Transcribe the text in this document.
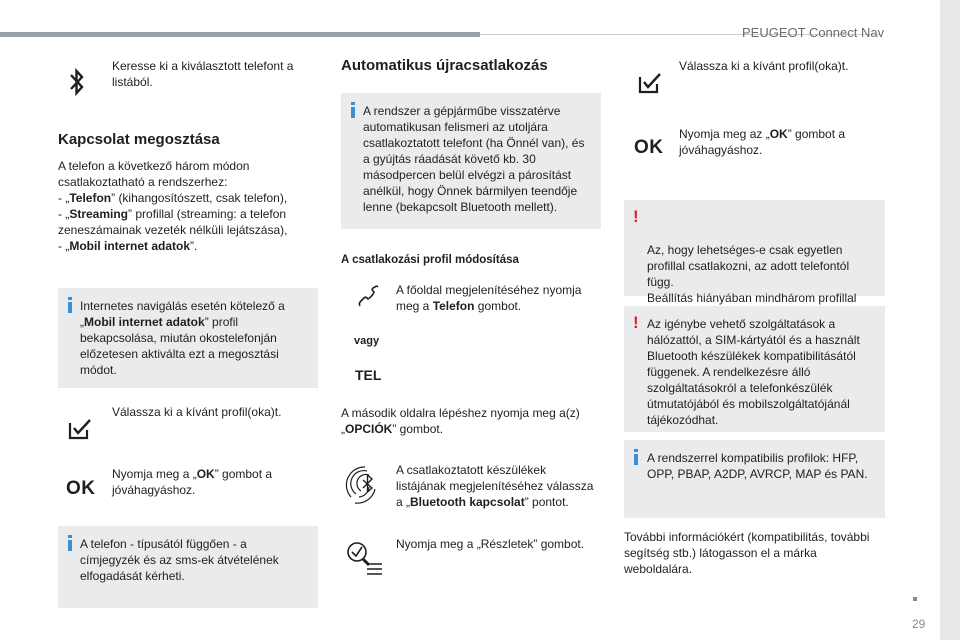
PEUGEOT Connect Nav
29
Keresse ki a kiválasztott telefont a listából.
Kapcsolat megosztása
A telefon a következő három módon csatlakoztatható a rendszerhez:
- „Telefon” (kihangosítószett, csak telefon),
- „Streaming” profillal (streaming: a telefon zeneszámainak vezeték nélküli lejátszása),
- „Mobil internet adatok”.
Internetes navigálás esetén kötelező a „Mobil internet adatok” profil bekapcsolása, miután okostelefonján előzetesen aktiválta ezt a megosztási módot.
Válassza ki a kívánt profil(oka)t.
OK
Nyomja meg a „OK” gombot a jóváhagyáshoz.
A telefon - típusától függően - a címjegyzék és az sms-ek átvételének elfogadását kérheti.
Automatikus újracsatlakozás
A rendszer a gépjárműbe visszatérve automatikusan felismeri az utoljára csatlakoztatott telefont (ha Önnél van), és a gyújtás ráadását követő kb. 30 másodpercen belül elvégzi a párosítást anélkül, hogy Önnek bármilyen teendője lenne (bekapcsolt Bluetooth mellett).
A csatlakozási profil módosítása
A főoldal megjelenítéséhez nyomja meg a Telefon gombot.
vagy
TEL
A második oldalra lépéshez nyomja meg a(z) „OPCIÓK” gombot.
A csatlakoztatott készülékek listájának megjelenítéséhez válassza a „Bluetooth kapcsolat” pontot.
Nyomja meg a „Részletek” gombot.
Válassza ki a kívánt profil(oka)t.
OK
Nyomja meg az „OK” gombot a jóváhagyáshoz.

!

Az, hogy lehetséges-e csak egyetlen profillal csatlakozni, az adott telefontól függ.
Beállítás hiányában mindhárom profillal

! Az igénybe vehető szolgáltatások a hálózattól, a SIM-kártyától és a használt Bluetooth készülékek kompatibilitásától függenek. A rendelkezésre álló szolgáltatásokról a telefonkészülék útmutatójából és mobilszolgáltatójánál tájékozódhat.
A rendszerrel kompatibilis profilok: HFP, OPP, PBAP, A2DP, AVRCP, MAP és PAN.
További információkért (kompatibilitás, további segítség stb.) látogasson el a márka weboldalára.
